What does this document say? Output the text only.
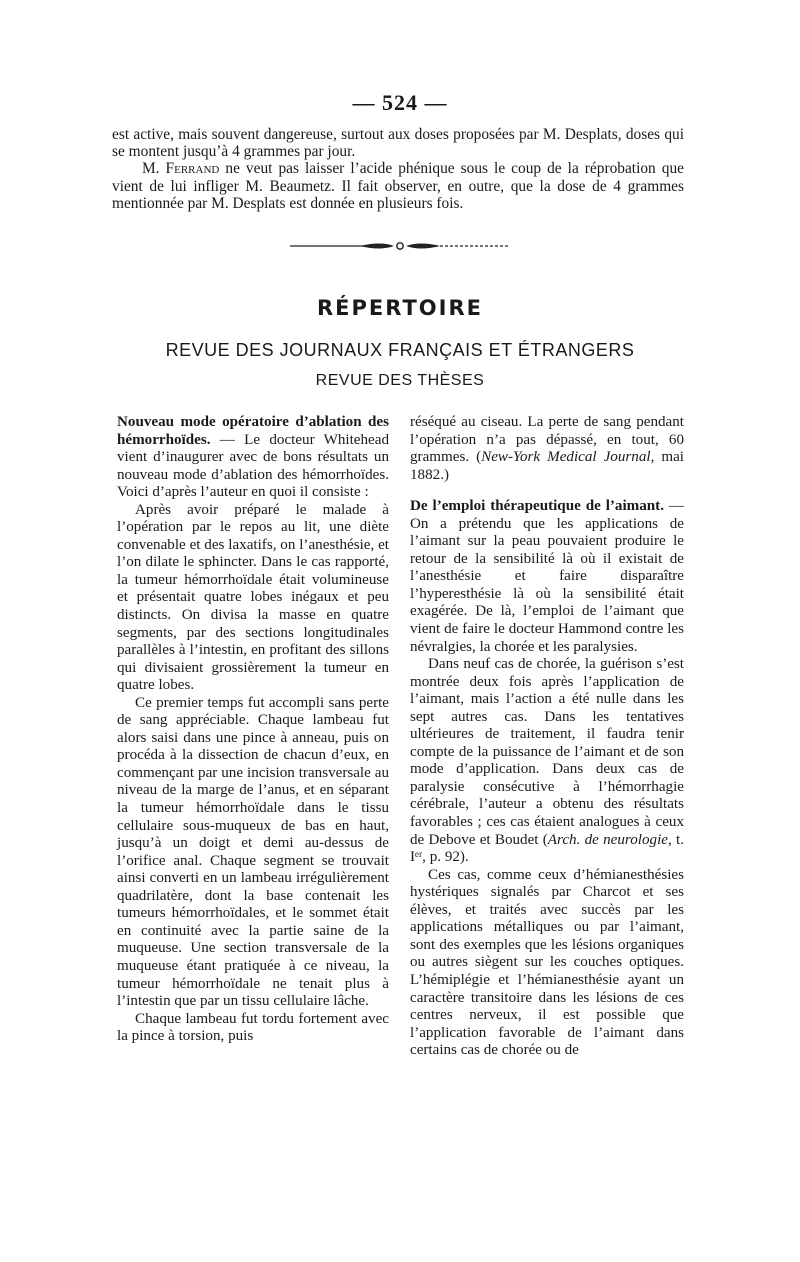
— 524 —

est active, mais souvent dangereuse, surtout aux doses proposées par M. Desplats, doses qui se montent jusqu’à 4 grammes par jour.

M. Ferrand ne veut pas laisser l’acide phénique sous le coup de la réprobation que vient de lui infliger M. Beaumetz. Il fait observer, en outre, que la dose de 4 grammes mentionnée par M. Desplats est donnée en plusieurs fois.

RÉPERTOIRE
REVUE DES JOURNAUX FRANÇAIS ET ÉTRANGERS
REVUE DES THÈSES

Nouveau mode opératoire d’ablation des hémorrhoïdes. — Le docteur Whitehead vient d’inaugurer avec de bons résultats un nouveau mode d’ablation des hémorrhoïdes. Voici d’après l’auteur en quoi il consiste :

Après avoir préparé le malade à l’opération par le repos au lit, une diète convenable et des laxatifs, on l’anesthésie, et l’on dilate le sphincter. Dans le cas rapporté, la tumeur hémorrhoïdale était volumineuse et présentait quatre lobes inégaux et peu distincts. On divisa la masse en quatre segments, par des sections longitudinales parallèles à l’intestin, en profitant des sillons qui divisaient grossièrement la tumeur en quatre lobes.

Ce premier temps fut accompli sans perte de sang appréciable. Chaque lambeau fut alors saisi dans une pince à anneau, puis on procéda à la dissection de chacun d’eux, en commençant par une incision transversale au niveau de la marge de l’anus, et en séparant la tumeur hémorrhoïdale dans le tissu cellulaire sous-muqueux de bas en haut, jusqu’à un doigt et demi au-dessus de l’orifice anal. Chaque segment se trouvait ainsi converti en un lambeau irrégulièrement quadrilatère, dont la base contenait les tumeurs hémorrhoïdales, et le sommet était en continuité avec la partie saine de la muqueuse. Une section transversale de la muqueuse étant pratiquée à ce niveau, la tumeur hémorrhoïdale ne tenait plus à l’intestin que par un tissu cellulaire lâche.

Chaque lambeau fut tordu fortement avec la pince à torsion, puis

réséqué au ciseau. La perte de sang pendant l’opération n’a pas dépassé, en tout, 60 grammes. (New-York Medical Journal, mai 1882.)

De l’emploi thérapeutique de l’aimant. — On a prétendu que les applications de l’aimant sur la peau pouvaient produire le retour de la sensibilité là où il existait de l’anesthésie et faire disparaître l’hyperesthésie là où la sensibilité était exagérée. De là, l’emploi de l’aimant que vient de faire le docteur Hammond contre les névralgies, la chorée et les paralysies.

Dans neuf cas de chorée, la guérison s’est montrée deux fois après l’application de l’aimant, mais l’action a été nulle dans les sept autres cas. Dans les tentatives ultérieures de traitement, il faudra tenir compte de la puissance de l’aimant et de son mode d’application. Dans deux cas de paralysie consécutive à l’hémorrhagie cérébrale, l’auteur a obtenu des résultats favorables ; ces cas étaient analogues à ceux de Debove et Boudet (Arch. de neurologie, t. Iᵉʳ, p. 92).

Ces cas, comme ceux d’hémianesthésies hystériques signalés par Charcot et ses élèves, et traités avec succès par les applications métalliques ou par l’aimant, sont des exemples que les lésions organiques ou autres siègent sur les couches optiques. L’hémiplégie et l’hémianesthésie ayant un caractère transitoire dans les lésions de ces centres nerveux, il est possible que l’application favorable de l’aimant dans certains cas de chorée ou de
